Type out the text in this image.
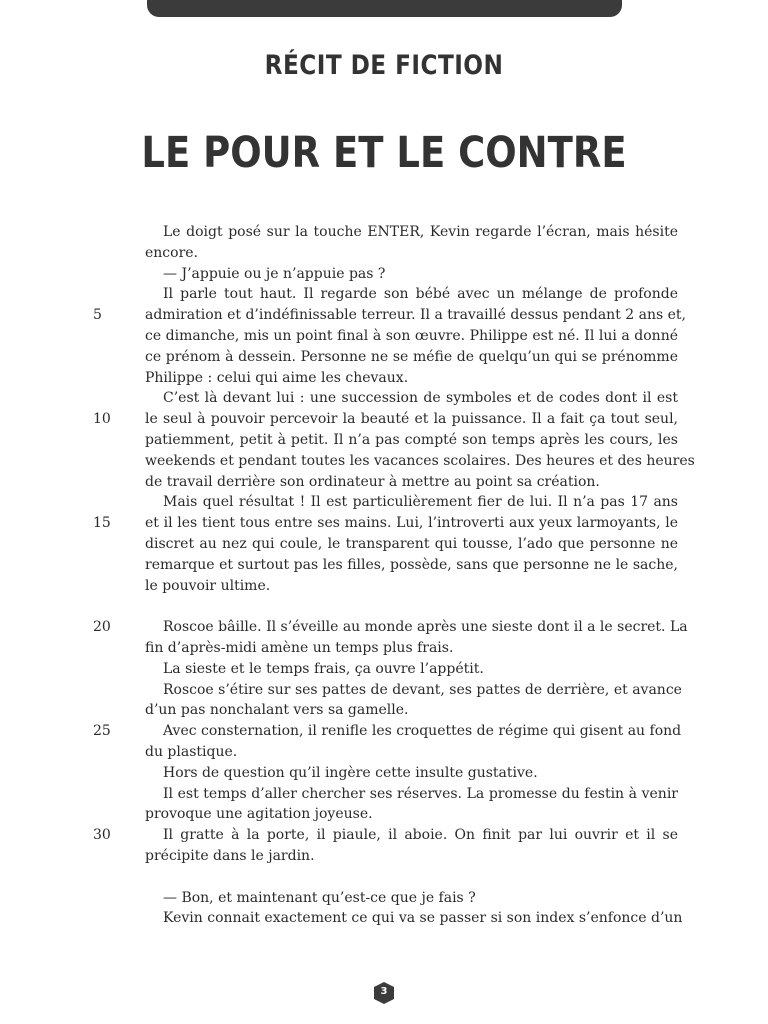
RÉCIT DE FICTION
LE POUR ET LE CONTRE
Le doigt posé sur la touche ENTER, Kevin regarde l’écran, mais hésite
encore.
— J’appuie ou je n’appuie pas ?
Il parle tout haut. Il regarde son bébé avec un mélange de profonde
5	admiration et d’indéfinissable terreur. Il a travaillé dessus pendant 2 ans et,
ce dimanche, mis un point final à son œuvre. Philippe est né. Il lui a donné
ce prénom à dessein. Personne ne se méfie de quelqu’un qui se prénomme
Philippe : celui qui aime les chevaux.
C’est là devant lui : une succession de symboles et de codes dont il est
10	le seul à pouvoir percevoir la beauté et la puissance. Il a fait ça tout seul,
patiemment, petit à petit. Il n’a pas compté son temps après les cours, les
weekends et pendant toutes les vacances scolaires. Des heures et des heures
de travail derrière son ordinateur à mettre au point sa création.
Mais quel résultat ! Il est particulièrement fier de lui. Il n’a pas 17 ans
15	et il les tient tous entre ses mains. Lui, l’introverti aux yeux larmoyants, le
discret au nez qui coule, le transparent qui tousse, l’ado que personne ne
remarque et surtout pas les filles, possède, sans que personne ne le sache,
le pouvoir ultime.
20	Roscoe bâille. Il s’éveille au monde après une sieste dont il a le secret. La
fin d’après-midi amène un temps plus frais.
La sieste et le temps frais, ça ouvre l’appétit.
Roscoe s’étire sur ses pattes de devant, ses pattes de derrière, et avance
d’un pas nonchalant vers sa gamelle.
25	Avec consternation, il renifle les croquettes de régime qui gisent au fond
du plastique.
Hors de question qu’il ingère cette insulte gustative.
Il est temps d’aller chercher ses réserves. La promesse du festin à venir
provoque une agitation joyeuse.
30	Il gratte à la porte, il piaule, il aboie. On finit par lui ouvrir et il se
précipite dans le jardin.
— Bon, et maintenant qu’est-ce que je fais ?
Kevin connait exactement ce qui va se passer si son index s’enfonce d’un
3
